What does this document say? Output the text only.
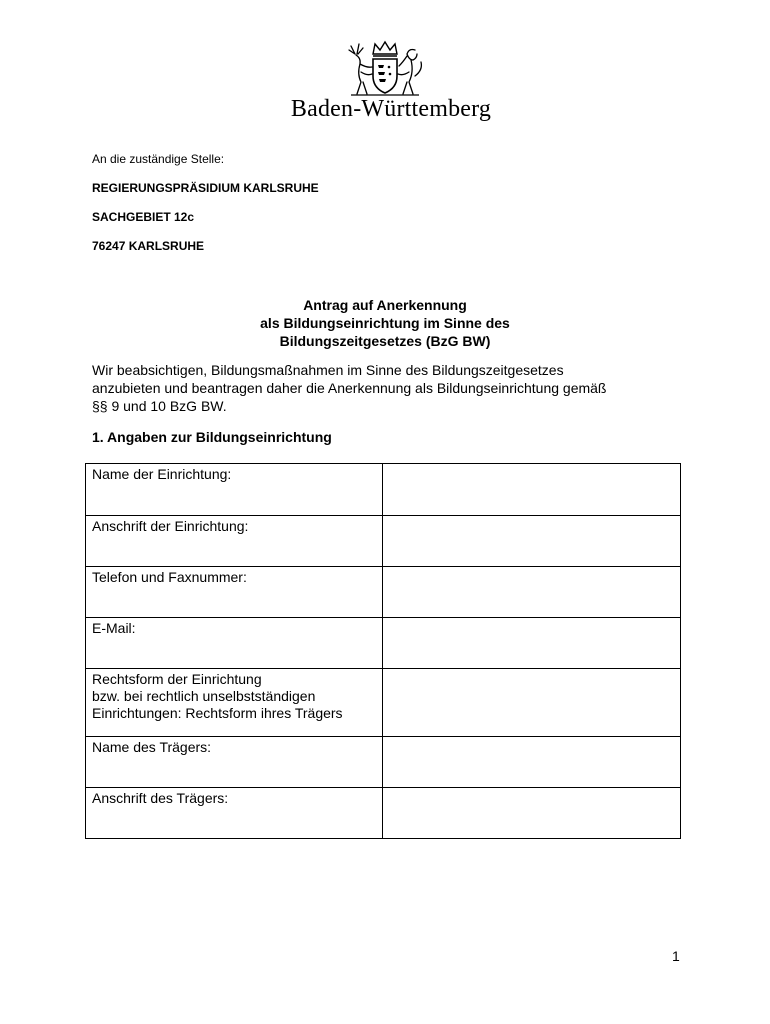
Baden-Württemberg
An die zuständige Stelle:
REGIERUNGSPRÄSIDIUM KARLSRUHE
SACHGEBIET 12c
76247 KARLSRUHE
Antrag auf Anerkennung
als Bildungseinrichtung im Sinne des
Bildungszeitgesetzes (BzG BW)
Wir beabsichtigen, Bildungsmaßnahmen im Sinne des Bildungszeitgesetzes
anzubieten und beantragen daher die Anerkennung als Bildungseinrichtung gemäß
§§ 9 und 10 BzG BW.
1. Angaben zur Bildungseinrichtung
Name der Einrichtung:	
Anschrift der Einrichtung:	
Telefon und Faxnummer:	
E-Mail:	

Rechtsform der Einrichtung
bzw. bei rechtlich unselbstständigen
Einrichtungen: Rechtsform ihres Trägers	

Name des Trägers:	
Anschrift des Trägers:	
1
